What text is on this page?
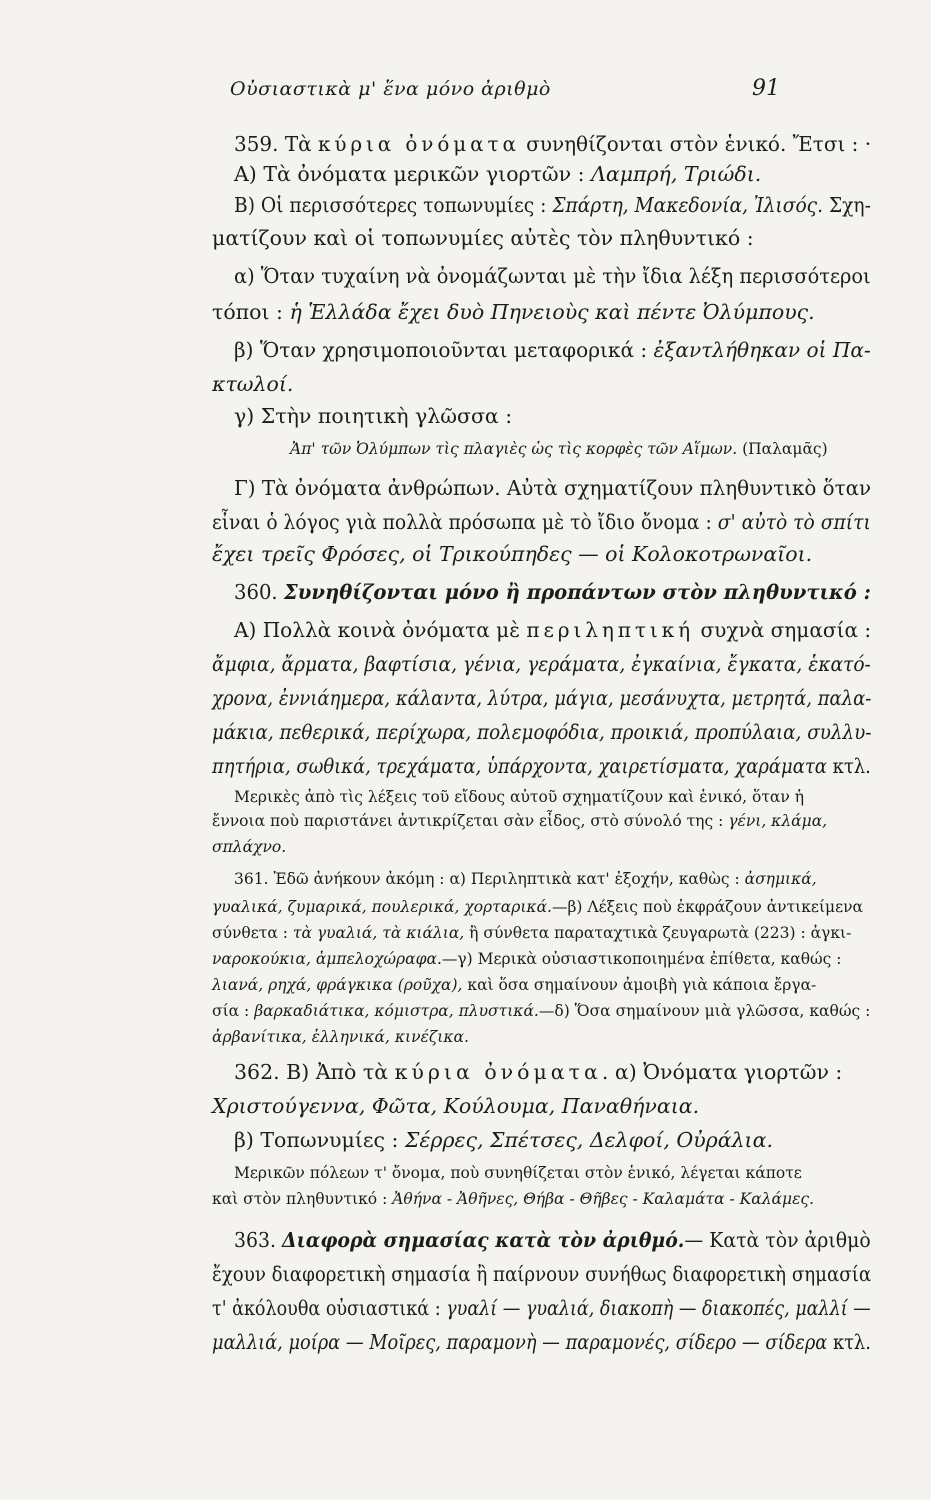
Οὐσιαστικὰ μ' ἕνα μόνο ἀριθμὸ	91
359. Τὰ κύρια ὀνόματα συνηθίζονται στὸν ἑνικό. Ἔτσι : ·
Α) Τὰ ὀνόματα μερικῶν γιορτῶν : Λαμπρή, Τριώδι.
Β) Οἱ περισσότερες τοπωνυμίες : Σπάρτη, Μακεδονία, Ἰλισός. Σχη-
ματίζουν καὶ οἱ τοπωνυμίες αὐτὲς τὸν πληθυντικό :
α) Ὅταν τυχαίνη νὰ ὀνομάζωνται μὲ τὴν ἴδια λέξη περισσότεροι
τόποι : ἡ Ἑλλάδα ἔχει δυὸ Πηνειοὺς καὶ πέντε Ὀλύμπους.
β) Ὅταν χρησιμοποιοῦνται μεταφορικά : ἐξαντλήθηκαν οἱ Πα-
κτωλοί.
γ) Στὴν ποιητικὴ γλῶσσα :
Ἀπ' τῶν Ὀλύμπων τὶς πλαγιὲς ὡς τὶς κορφὲς τῶν Αἵμων. (Παλαμᾶς)
Γ) Τὰ ὀνόματα ἀνθρώπων. Αὐτὰ σχηματίζουν πληθυντικὸ ὅταν
εἶναι ὁ λόγος γιὰ πολλὰ πρόσωπα μὲ τὸ ἴδιο ὄνομα : σ' αὐτὸ τὸ σπίτι
ἔχει τρεῖς Φρόσες, οἱ Τρικούπηδες — οἱ Κολοκοτρωναῖοι.
360. Συνηθίζονται μόνο ἢ προπάντων στὸν πληθυντικό :
Α) Πολλὰ κοινὰ ὀνόματα μὲ περιληπτική συχνὰ σημασία :
ἄμφια, ἄρματα, βαφτίσια, γένια, γεράματα, ἐγκαίνια, ἔγκατα, ἑκατό-
χρονα, ἐννιάημερα, κάλαντα, λύτρα, μάγια, μεσάνυχτα, μετρητά, παλα-
μάκια, πεθερικά, περίχωρα, πολεμοφόδια, προικιά, προπύλαια, συλλυ-
πητήρια, σωθικά, τρεχάματα, ὑπάρχοντα, χαιρετίσματα, χαράματα κτλ.
Μερικὲς ἀπὸ τὶς λέξεις τοῦ εἴδους αὐτοῦ σχηματίζουν καὶ ἑνικό, ὅταν ἡ
ἔννοια ποὺ παριστάνει ἀντικρίζεται σὰν εἶδος, στὸ σύνολό της : γένι, κλάμα,
σπλάχνο.
361. Ἐδῶ ἀνήκουν ἀκόμη : α) Περιληπτικὰ κατ' ἐξοχήν, καθὼς : ἀσημικά,
γυαλικά, ζυμαρικά, πουλερικά, χορταρικά.—β) Λέξεις ποὺ ἐκφράζουν ἀντικείμενα
σύνθετα : τὰ γυαλιά, τὰ κιάλια, ἢ σύνθετα παραταχτικὰ ζευγαρωτὰ (223) : ἀγκι-
ναροκούκια, ἀμπελοχώραφα.—γ) Μερικὰ οὐσιαστικοποιημένα ἐπίθετα, καθώς :
λιανά, ρηχά, φράγκικα (ροῦχα), καὶ ὅσα σημαίνουν ἀμοιβὴ γιὰ κάποια ἔργα-
σία : βαρκαδιάτικα, κόμιστρα, πλυστικά.—δ) Ὅσα σημαίνουν μιὰ γλῶσσα, καθώς :
ἀρβανίτικα, ἑλληνικά, κινέζικα.
362. Β) Ἀπὸ τὰ κύρια ὀνόματα. α) Ὀνόματα γιορτῶν :
Χριστούγεννα, Φῶτα, Κούλουμα, Παναθήναια.
β) Τοπωνυμίες : Σέρρες, Σπέτσες, Δελφοί, Οὐράλια.
Μερικῶν πόλεων τ' ὄνομα, ποὺ συνηθίζεται στὸν ἑνικό, λέγεται κάποτε
καὶ στὸν πληθυντικό : Ἀθήνα - Ἀθῆνες, Θήβα - Θῆβες - Καλαμάτα - Καλάμες.
363. Διαφορὰ σημασίας κατὰ τὸν ἀριθμό.— Κατὰ τὸν ἀριθμὸ
ἔχουν διαφορετικὴ σημασία ἢ παίρνουν συνήθως διαφορετικὴ σημασία
τ' ἀκόλουθα οὐσιαστικά : γυαλί — γυαλιά, διακοπὴ — διακοπές, μαλλί —
μαλλιά, μοίρα — Μοῖρες, παραμονὴ — παραμονές, σίδερο — σίδερα κτλ.
